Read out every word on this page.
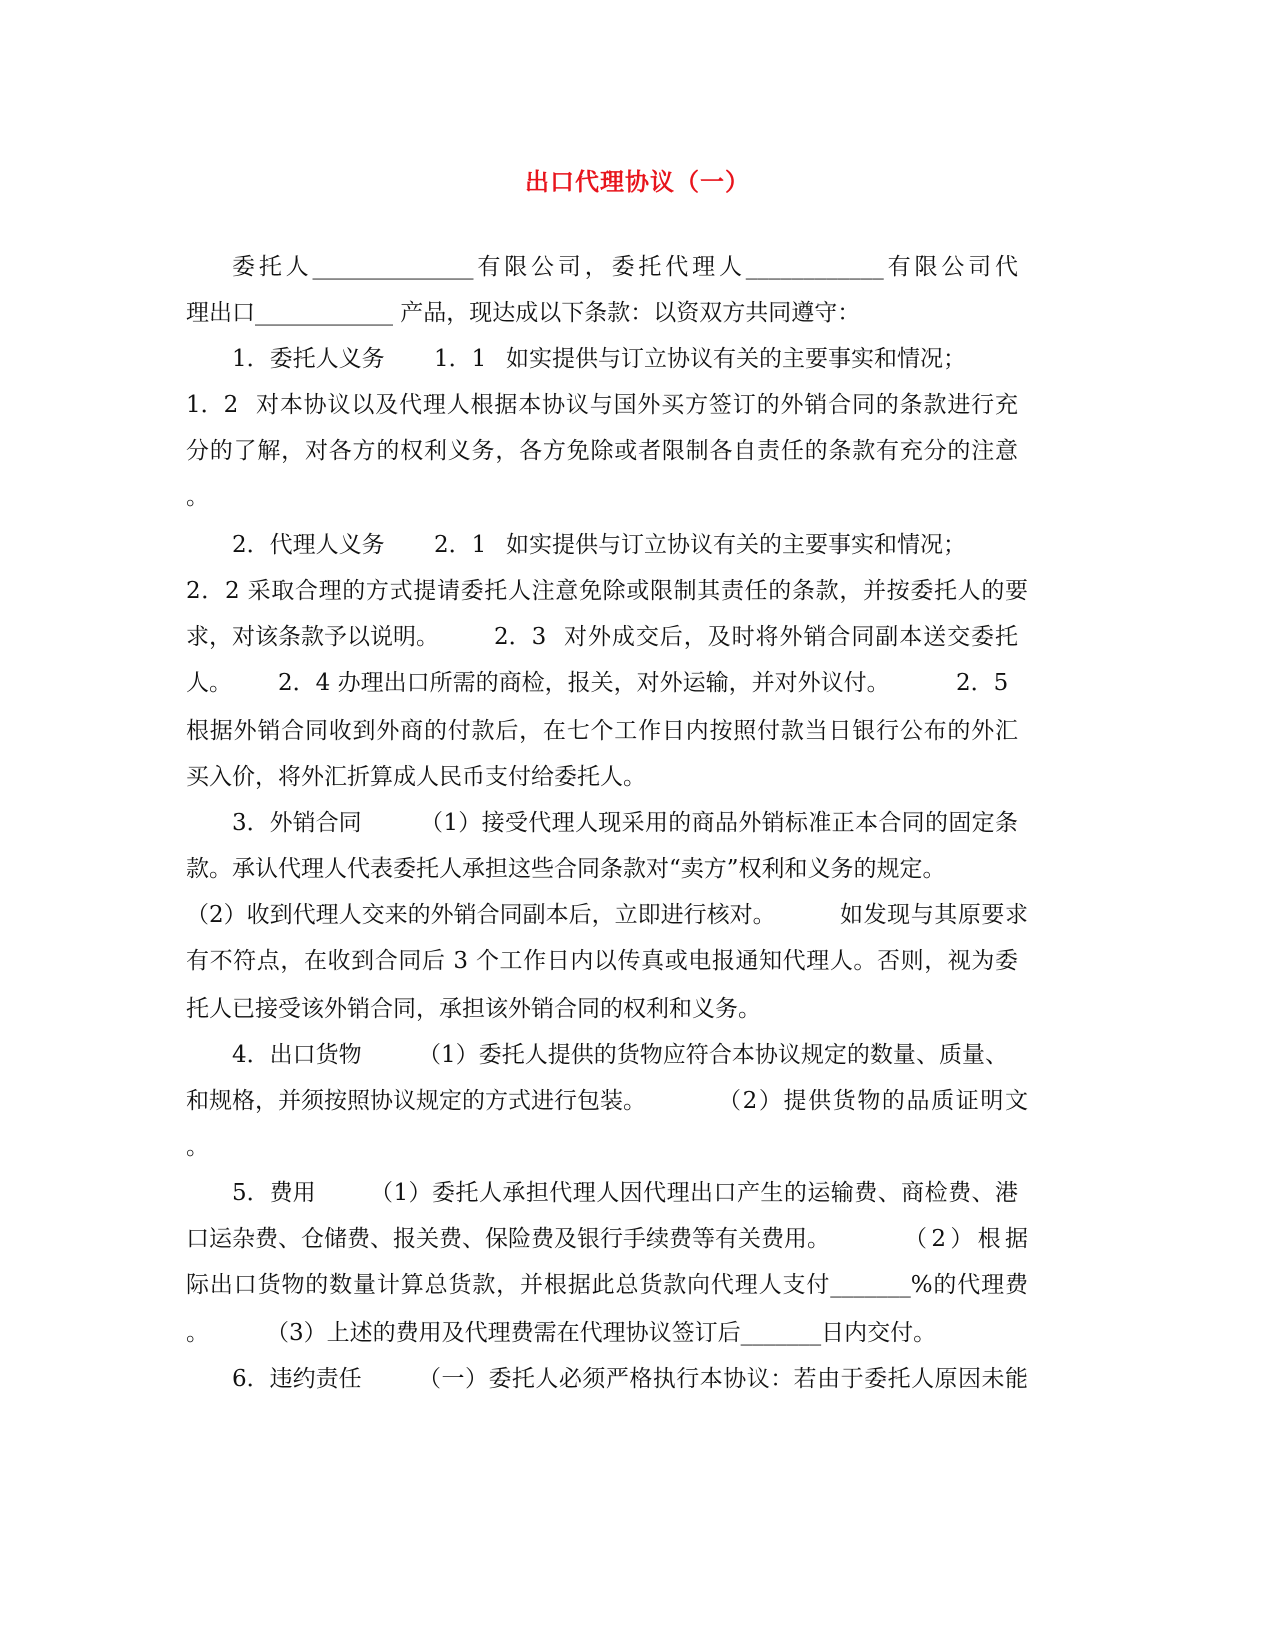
出口代理协议（一）
委托人______________有限公司，委托代理人____________有限公司代
理出口____________ 产品，现达成以下条款：以资双方共同遵守：
1．委托人义务	1．1 如实提供与订立协议有关的主要事实和情况；
1．2 对本协议以及代理人根据本协议与国外买方签订的外销合同的条款进行充
分的了解，对各方的权利义务，各方免除或者限制各自责任的条款有充分的注意
。
2．代理人义务	2．1 如实提供与订立协议有关的主要事实和情况；
2．2 采取合理的方式提请委托人注意免除或限制其责任的条款，并按委托人的要
求，对该条款予以说明。	2．3 对外成交后，及时将外销合同副本送交委托
人。 2．4 办理出口所需的商检，报关，对外运输，并对外议付。	2．5
根据外销合同收到外商的付款后，在七个工作日内按照付款当日银行公布的外汇
买入价，将外汇折算成人民币支付给委托人。
3．外销合同	（1）接受代理人现采用的商品外销标准正本合同的固定条
款。承认代理人代表委托人承担这些合同条款对“卖方”权利和义务的规定。
（2）收到代理人交来的外销合同副本后，立即进行核对。	如发现与其原要求
有不符点，在收到合同后 3 个工作日内以传真或电报通知代理人。否则，视为委
托人已接受该外销合同，承担该外销合同的权利和义务。
4．出口货物	（1）委托人提供的货物应符合本协议规定的数量、质量、
和规格，并须按照协议规定的方式进行包装。	（2）提供货物的品质证明文
。
5．费用	（1）委托人承担代理人因代理出口产生的运输费、商检费、港
口运杂费、仓储费、报关费、保险费及银行手续费等有关费用。	（2）根据
际出口货物的数量计算总货款，并根据此总货款向代理人支付_______%的代理费
。	（3）上述的费用及代理费需在代理协议签订后_______日内交付。
6．违约责任	（一）委托人必须严格执行本协议：若由于委托人原因未能
